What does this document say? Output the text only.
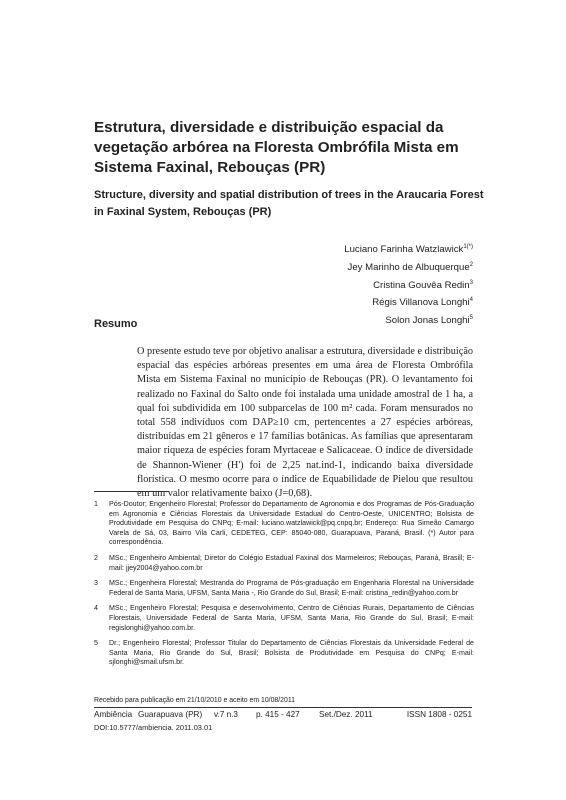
Estrutura, diversidade e distribuição espacial da vegetação arbórea na Floresta Ombrófila Mista em Sistema Faxinal, Rebouças (PR)
Structure, diversity and spatial distribution of trees in the Araucaria Forest in Faxinal System, Rebouças (PR)
Luciano Farinha Watzlawick$^{1(*)}$
Jey Marinho de Albuquerque$^2$
Cristina Gouvêa Redin$^3$
Régis Villanova Longhi$^4$
Solon Jonas Longhi$^5$
Resumo

O presente estudo teve por objetivo analisar a estrutura, diversidade e distribuição espacial das espécies arbóreas presentes em uma área de Floresta Ombrófila Mista em Sistema Faxinal no município de Rebouças (PR). O levantamento foi realizado no Faxinal do Salto onde foi instalada uma unidade amostral de 1 ha, a qual foi subdividida em 100 subparcelas de 100 m² cada. Foram mensurados no total 558 indivíduos com DAP≥10 cm, pertencentes a 27 espécies arbóreas, distribuídas em 21 gêneros e 17 famílias botânicas. As famílias que apresentaram maior riqueza de espécies foram Myrtaceae e Salicaceae. O índice de diversidade de Shannon-Wiener (H') foi de 2,25 nat.ind-1, indicando baixa diversidade florística. O mesmo ocorre para o índice de Equabilidade de Pielou que resultou em um valor relativamente baixo (J=0,68).

1 Pós-Doutor; Engenheiro Florestal; Professor do Departamento de Agronomia e dos Programas de Pós-Graduação em Agronomia e Ciências Florestais da Universidade Estadual do Centro-Oeste, UNICENTRO; Bolsista de Produtividade em Pesquisa do CNPq; E-mail: luciano.watzlawick@pq.cnpq.br; Endereço: Rua Simeão Camargo Varela de Sá, 03, Bairro Vila Carli, CEDETEG, CEP: 85040-080, Guarapuava, Paraná, Brasil. (*) Autor para correspondência.
2 MSc.; Engenheiro Ambiental; Diretor do Colégio Estadual Faxinal dos Marmeleiros; Rebouças, Paraná, Brasill; E-mail: jjey2004@yahoo.com.br
3 MSc.; Engenheira Florestal; Mestranda do Programa de Pós-graduação em Engenharia Florestal na Universidade Federal de Santa Maria, UFSM, Santa Maria -, Rio Grande do Sul, Brasil; E-mail: cristina_redin@yahoo.com.br
4 MSc.; Engenheiro Florestal; Pesquisa e desenvolvimento, Centro de Ciências Rurais, Departamento de Ciências Florestais, Universidade Federal de Santa Maria, UFSM, Santa Maria, Rio Grande do Sul, Brasil; E-mail: regislonghi@yahoo.com.br.
5 Dr.; Engenheiro Florestal; Professor Titular do Departamento de Ciências Florestais da Universidade Federal de Santa Maria, Rio Grande do Sul, Brasil; Bolsista de Produtividade em Pesquisa do CNPq; E-mail: sjlonghi@smail.ufsm.br.
Recebido para publicação em 21/10/2010 e aceito em 10/08/2011
Ambiência Guarapuava (PR) v.7 n.3 p. 415 - 427 Set./Dez. 2011	ISSN 1808 - 0251
DOI:10.5777/ambiencia. 2011.03.01
